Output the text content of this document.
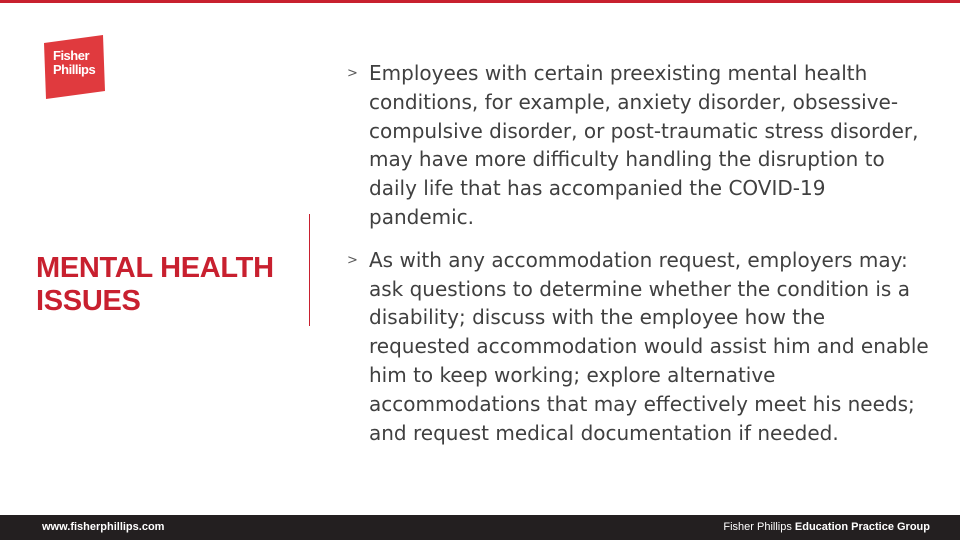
Fisher
Phillips
MENTAL HEALTH ISSUES
> Employees with certain preexisting mental health conditions, for example, anxiety disorder, obsessive-compulsive disorder, or post-traumatic stress disorder, may have more difficulty handling the disruption to daily life that has accompanied the COVID-19 pandemic.
> As with any accommodation request, employers may: ask questions to determine whether the condition is a disability; discuss with the employee how the requested accommodation would assist him and enable him to keep working; explore alternative accommodations that may effectively meet his needs; and request medical documentation if needed.
www.fisherphillips.com	Fisher Phillips Education Practice Group
